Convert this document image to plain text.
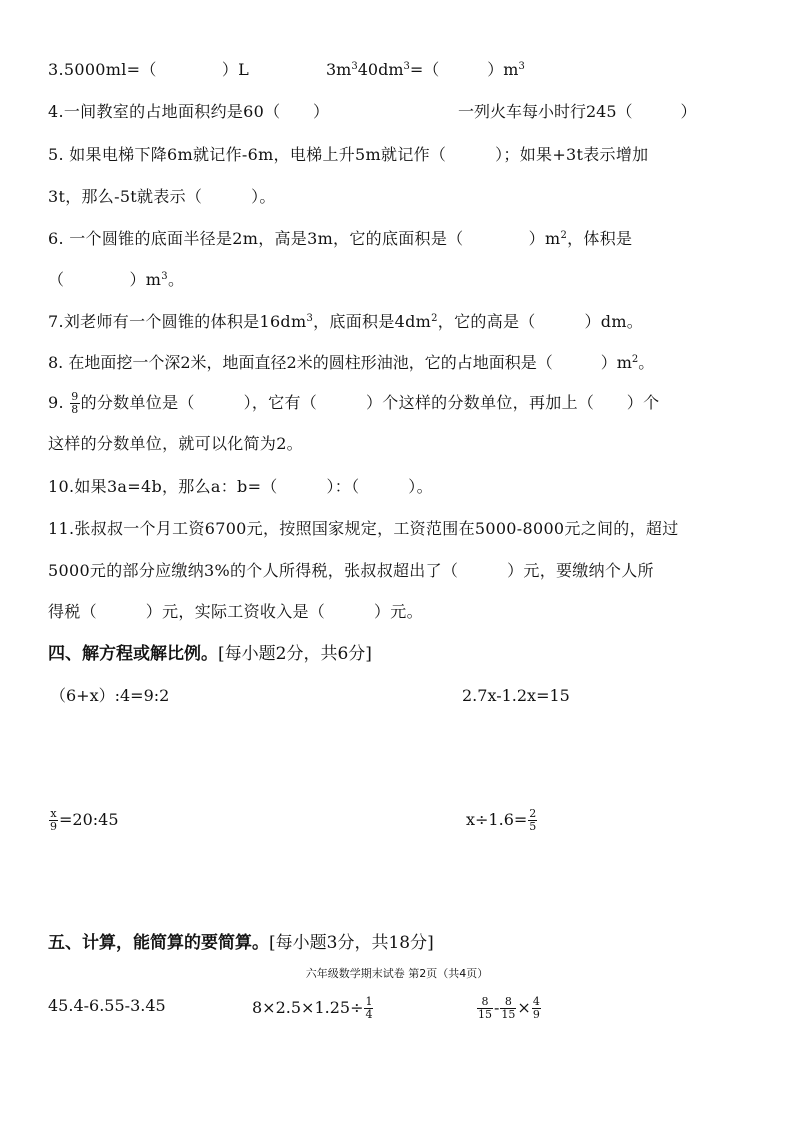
3.5000ml=（　　　　）L	$3m^340dm^3=$（　　　）$m^3$
4.一间教室的占地面积约是60（　　）	一列火车每小时行245（　　　）
5. 如果电梯下降6m就记作-6m，电梯上升5m就记作（　　　）；如果+3t表示增加
3t，那么-5t就表示（　　　）。
6. 一个圆锥的底面半径是2m，高是3m，它的底面积是（　　　　）$m^2$，体积是
（　　　　）$m^3$。
7.刘老师有一个圆锥的体积是$16dm^3$，底面积是$4dm^2$，它的高是（　　　）dm。
8. 在地面挖一个深2米，地面直径2米的圆柱形油池，它的占地面积是（　　　）$m^2$。
9. $\frac{9}{8}$ 的分数单位是（　　　），它有（　　　）个这样的分数单位，再加上（　　）个
这样的分数单位，就可以化简为2。
10.如果3a=4b，那么a：b=（　　　）：（　　　）。
11.张叔叔一个月工资6700元，按照国家规定，工资范围在5000-8000元之间的，超过
5000元的部分应缴纳3%的个人所得税，张叔叔超出了（　　　）元，要缴纳个人所
得税（　　　）元，实际工资收入是（　　　）元。
四、解方程或解比例。[每小题2分，共6分]
（6+x）:4=9:2	2.7x-1.2x=15
$\frac{x}{9}$ =20:45	$x\div 1.6= \frac{2}{5}$
五、计算，能简算的要简算。[每小题3分，共18分]
六年级数学期末试卷 第2页（共4页）
45.4-6.55-3.45	$8\times 2.5\times 1.25\div \frac{1}{4}$	$\frac{8}{15} - \frac{8}{15} \times \frac{4}{9}$
